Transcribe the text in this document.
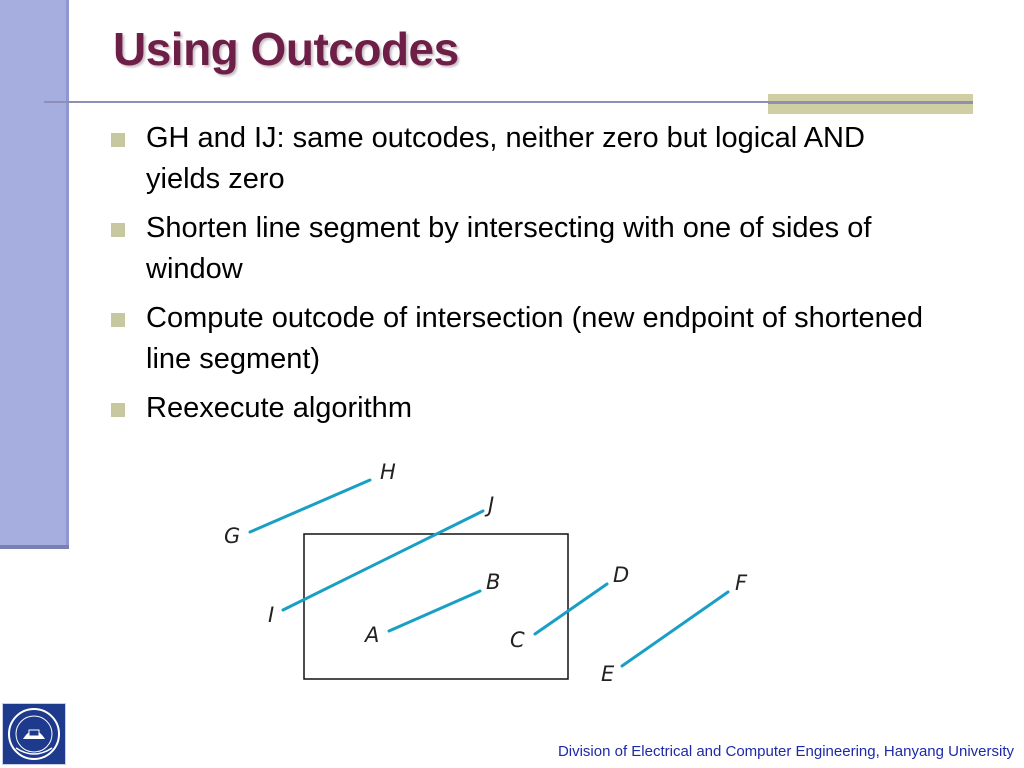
Using Outcodes
GH and IJ: same outcodes, neither zero but logical AND yields zero
Shorten line segment by intersecting with one of sides of window
Compute outcode of intersection (new endpoint of shortened line segment)
Reexecute algorithm
G
H
I
J
A
B
C
D
E
F
Division of Electrical and Computer Engineering, Hanyang University
